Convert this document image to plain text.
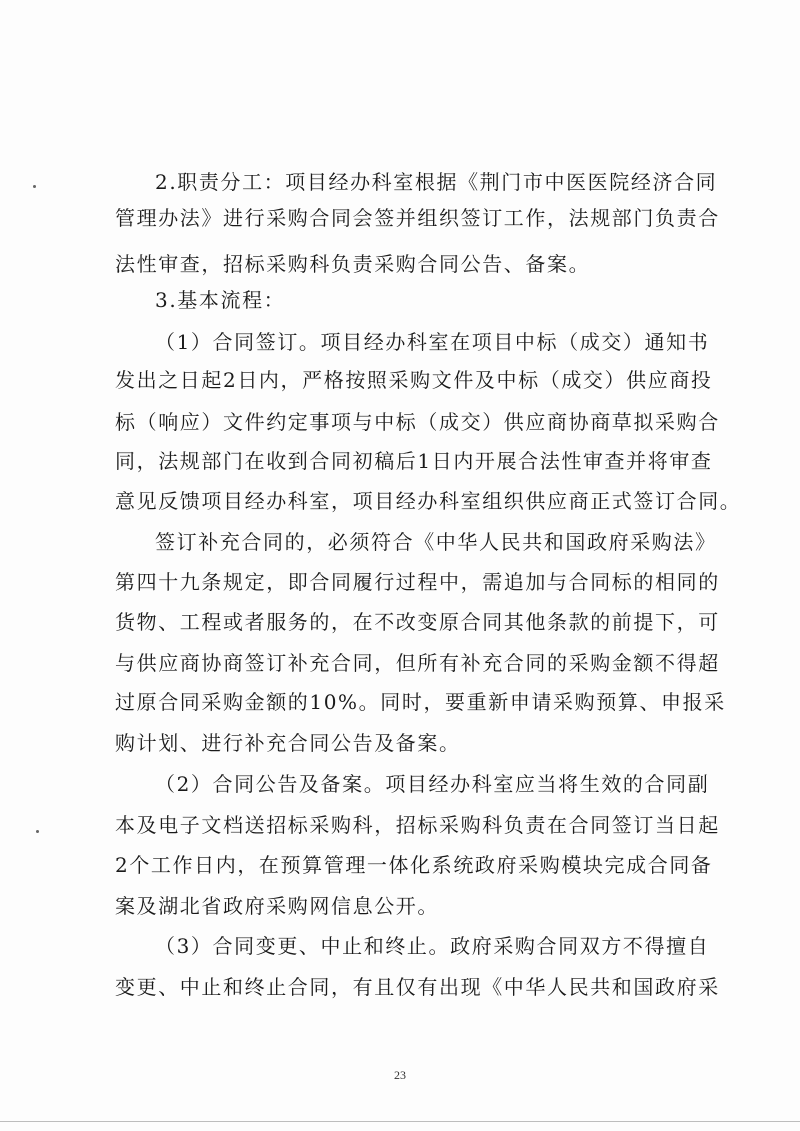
2.职责分工：项目经办科室根据《荆门市中医医院经济合同
管理办法》进行采购合同会签并组织签订工作，法规部门负责合
法性审查，招标采购科负责采购合同公告、备案。
3.基本流程：
（1）合同签订。项目经办科室在项目中标（成交）通知书
发出之日起2日内，严格按照采购文件及中标（成交）供应商投
标（响应）文件约定事项与中标（成交）供应商协商草拟采购合
同，法规部门在收到合同初稿后1日内开展合法性审查并将审查
意见反馈项目经办科室，项目经办科室组织供应商正式签订合同。
签订补充合同的，必须符合《中华人民共和国政府采购法》
第四十九条规定，即合同履行过程中，需追加与合同标的相同的
货物、工程或者服务的，在不改变原合同其他条款的前提下，可
与供应商协商签订补充合同，但所有补充合同的采购金额不得超
过原合同采购金额的10%。同时，要重新申请采购预算、申报采
购计划、进行补充合同公告及备案。
（2）合同公告及备案。项目经办科室应当将生效的合同副
本及电子文档送招标采购科，招标采购科负责在合同签订当日起
2个工作日内，在预算管理一体化系统政府采购模块完成合同备
案及湖北省政府采购网信息公开。
（3）合同变更、中止和终止。政府采购合同双方不得擅自
变更、中止和终止合同，有且仅有出现《中华人民共和国政府采
23
